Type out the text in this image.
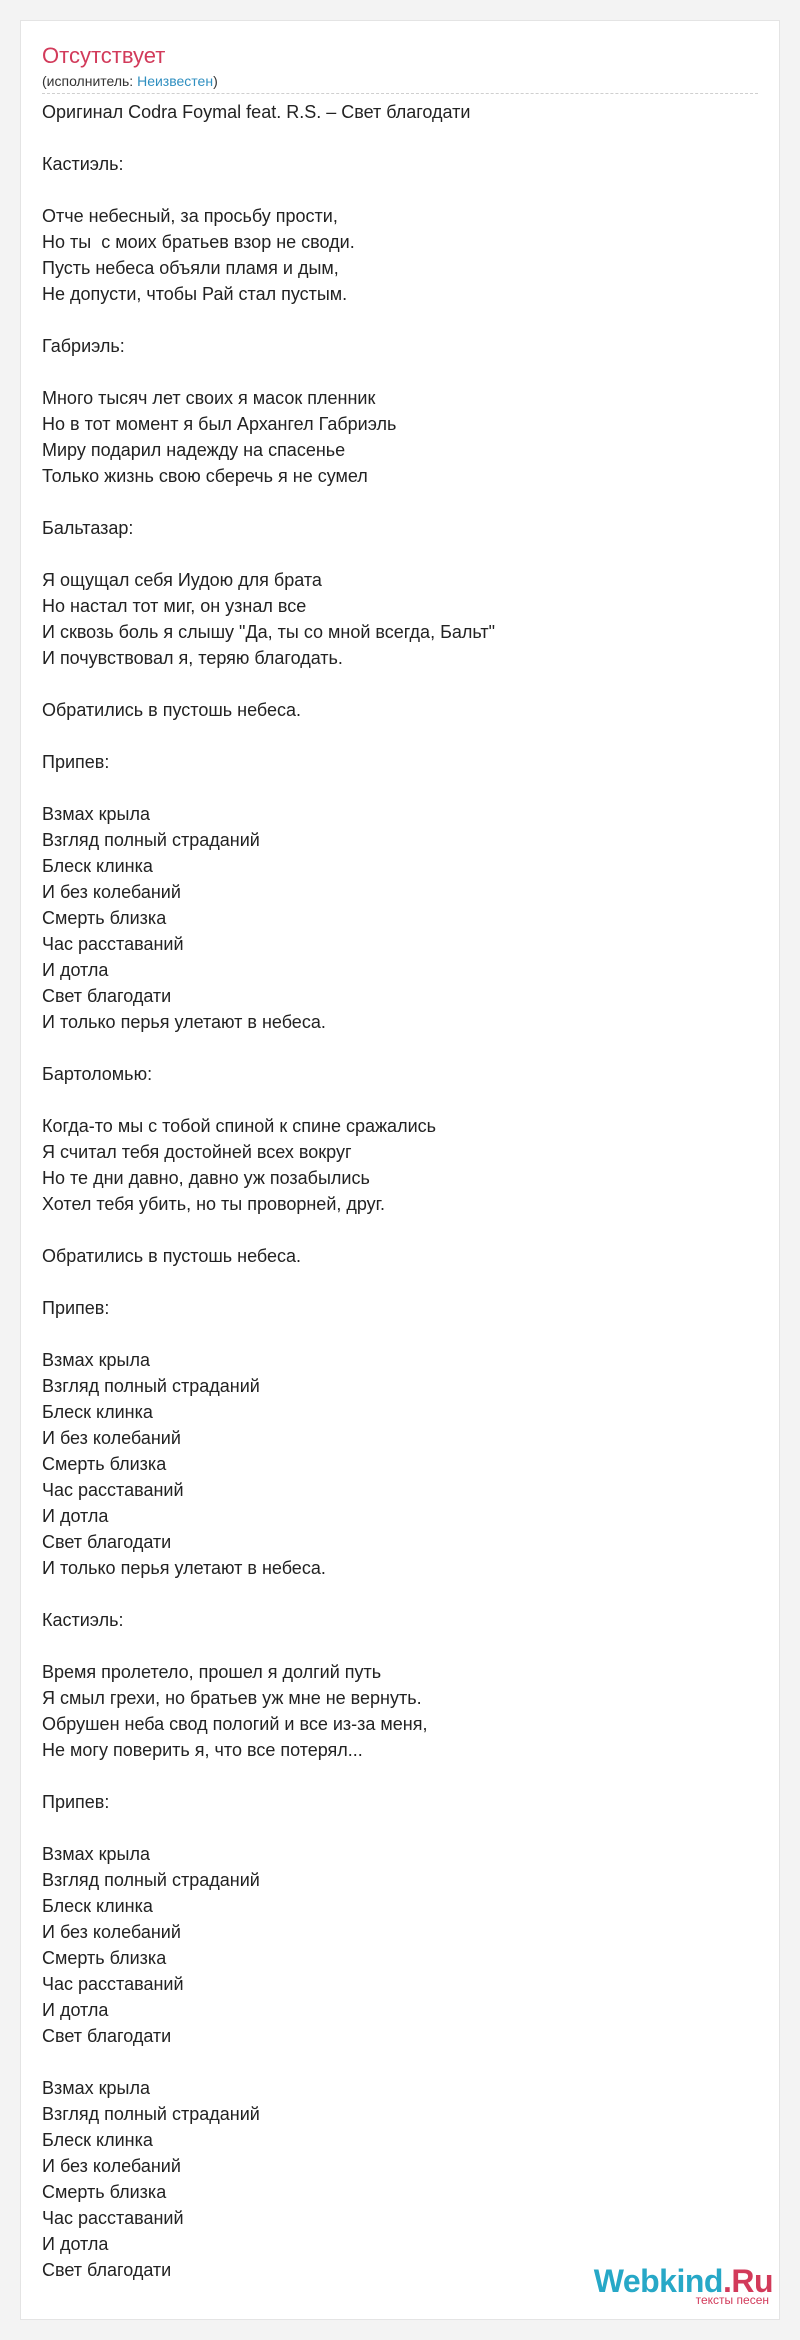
Отсутствует

(исполнитель: Неизвестен)

Оригинал Codra Foymal feat. R.S. – Свет благодати
Кастиэль:
Отче небесный, за просьбу прости,
Но ты  с моих братьев взор не своди.
Пусть небеса объяли пламя и дым,
Не допусти, чтобы Рай стал пустым.
Габриэль:
Много тысяч лет своих я масок пленник
Но в тот момент я был Архангел Габриэль
Миру подарил надежду на спасенье
Только жизнь свою сберечь я не сумел
Бальтазар:
Я ощущал себя Иудою для брата
Но настал тот миг, он узнал все
И сквозь боль я слышу "Да, ты со мной всегда, Бальт"
И почувствовал я, теряю благодать.
Обратились в пустошь небеса.
Припев:
Взмах крыла
Взгляд полный страданий
Блеск клинка
И без колебаний
Смерть близка
Час расставаний
И дотла
Свет благодати
И только перья улетают в небеса.
Бартоломью:
Когда-то мы с тобой спиной к спине сражались
Я считал тебя достойней всех вокруг
Но те дни давно, давно уж позабылись
Хотел тебя убить, но ты проворней, друг.
Обратились в пустошь небеса.
Припев:
Взмах крыла
Взгляд полный страданий
Блеск клинка
И без колебаний
Смерть близка
Час расставаний
И дотла
Свет благодати
И только перья улетают в небеса.
Кастиэль:
Время пролетело, прошел я долгий путь
Я смыл грехи, но братьев уж мне не вернуть.
Обрушен неба свод пологий и все из-за меня,
Не могу поверить я, что все потерял...
Припев:
Взмах крыла
Взгляд полный страданий
Блеск клинка
И без колебаний
Смерть близка
Час расставаний
И дотла
Свет благодати
Взмах крыла
Взгляд полный страданий
Блеск клинка
И без колебаний
Смерть близка
Час расставаний
И дотла
Свет благодати	Webkind.Ru
тексты песен
